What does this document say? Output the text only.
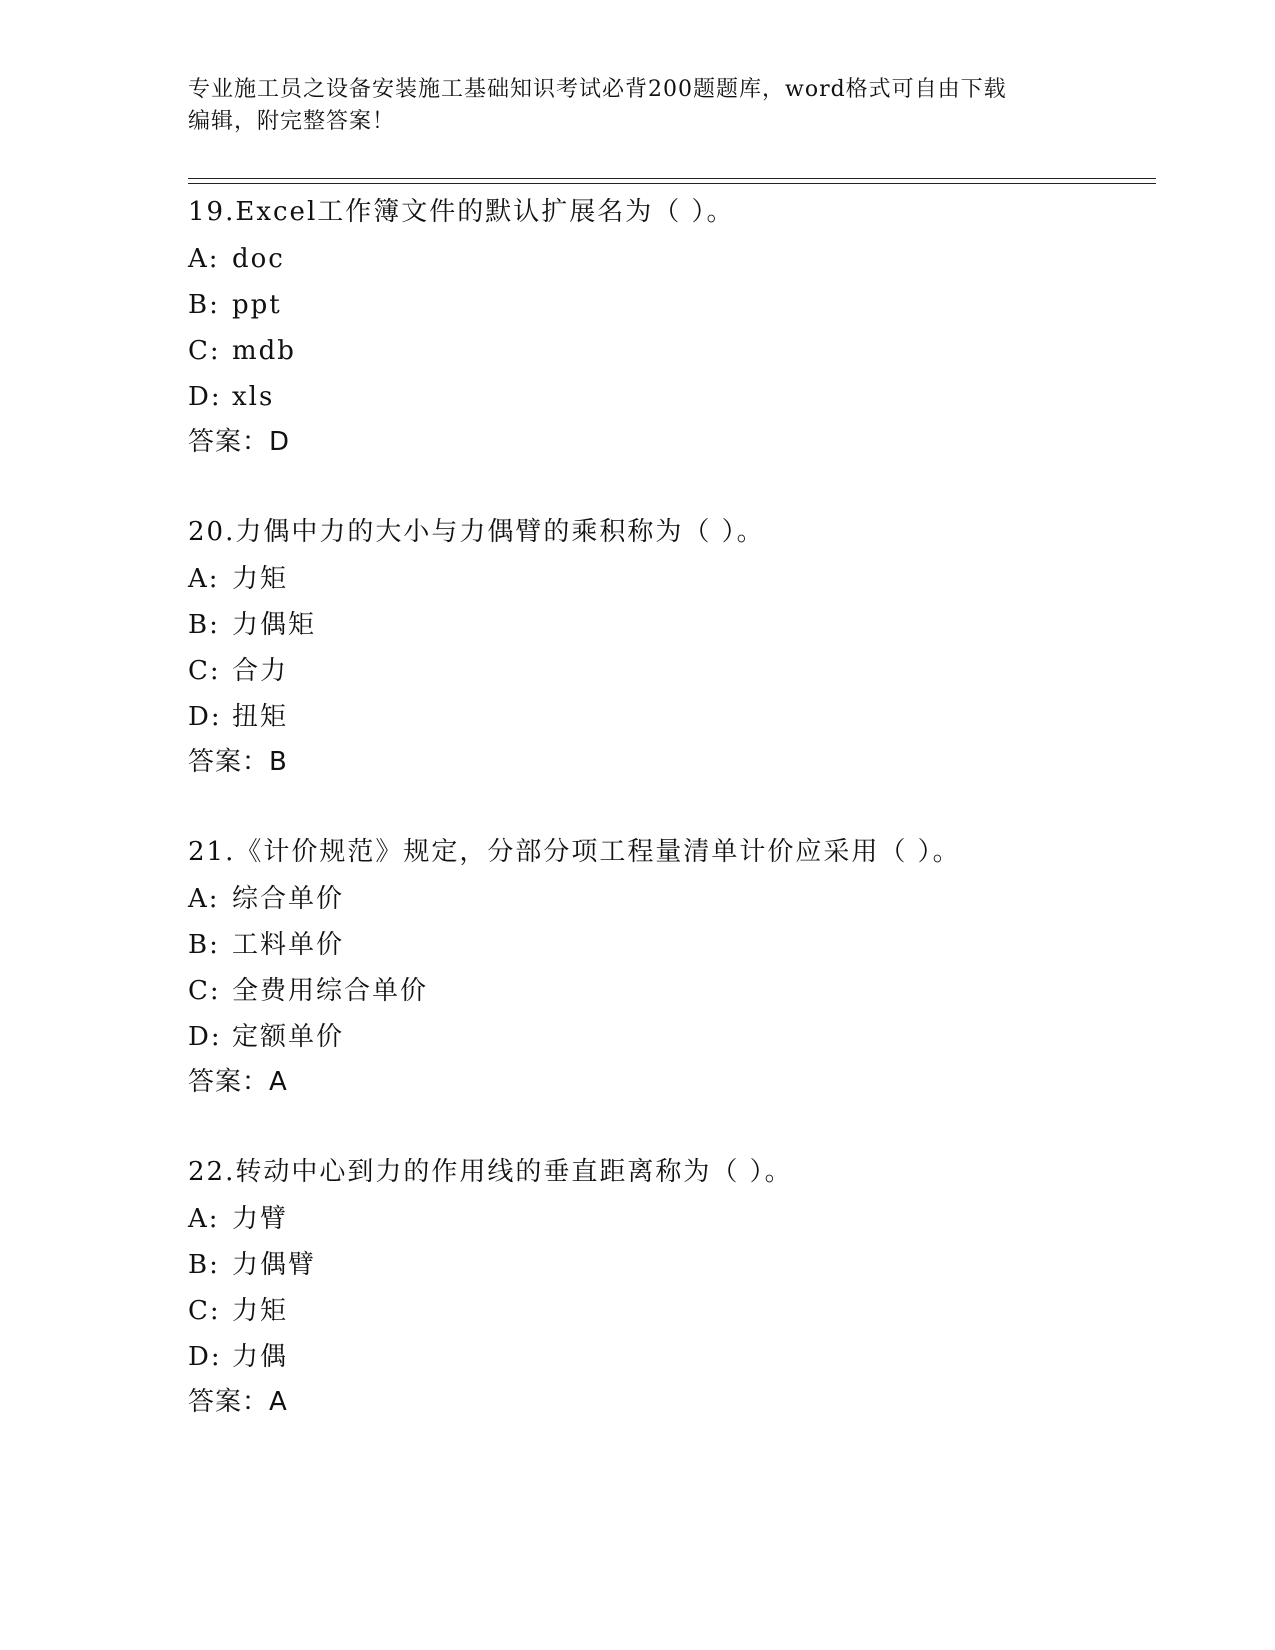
专业施工员之设备安装施工基础知识考试必背200题题库，word格式可自由下载
编辑，附完整答案！
19.Excel工作簿文件的默认扩展名为（ ）。
A: doc
B: ppt
C: mdb
D: xls
答案：D
20.力偶中力的大小与力偶臂的乘积称为（ ）。
A: 力矩
B: 力偶矩
C: 合力
D: 扭矩
答案：B
21.《计价规范》规定，分部分项工程量清单计价应采用（ ）。
A: 综合单价
B: 工料单价
C: 全费用综合单价
D: 定额单价
答案：A
22.转动中心到力的作用线的垂直距离称为（ ）。
A: 力臂
B: 力偶臂
C: 力矩
D: 力偶
答案：A
